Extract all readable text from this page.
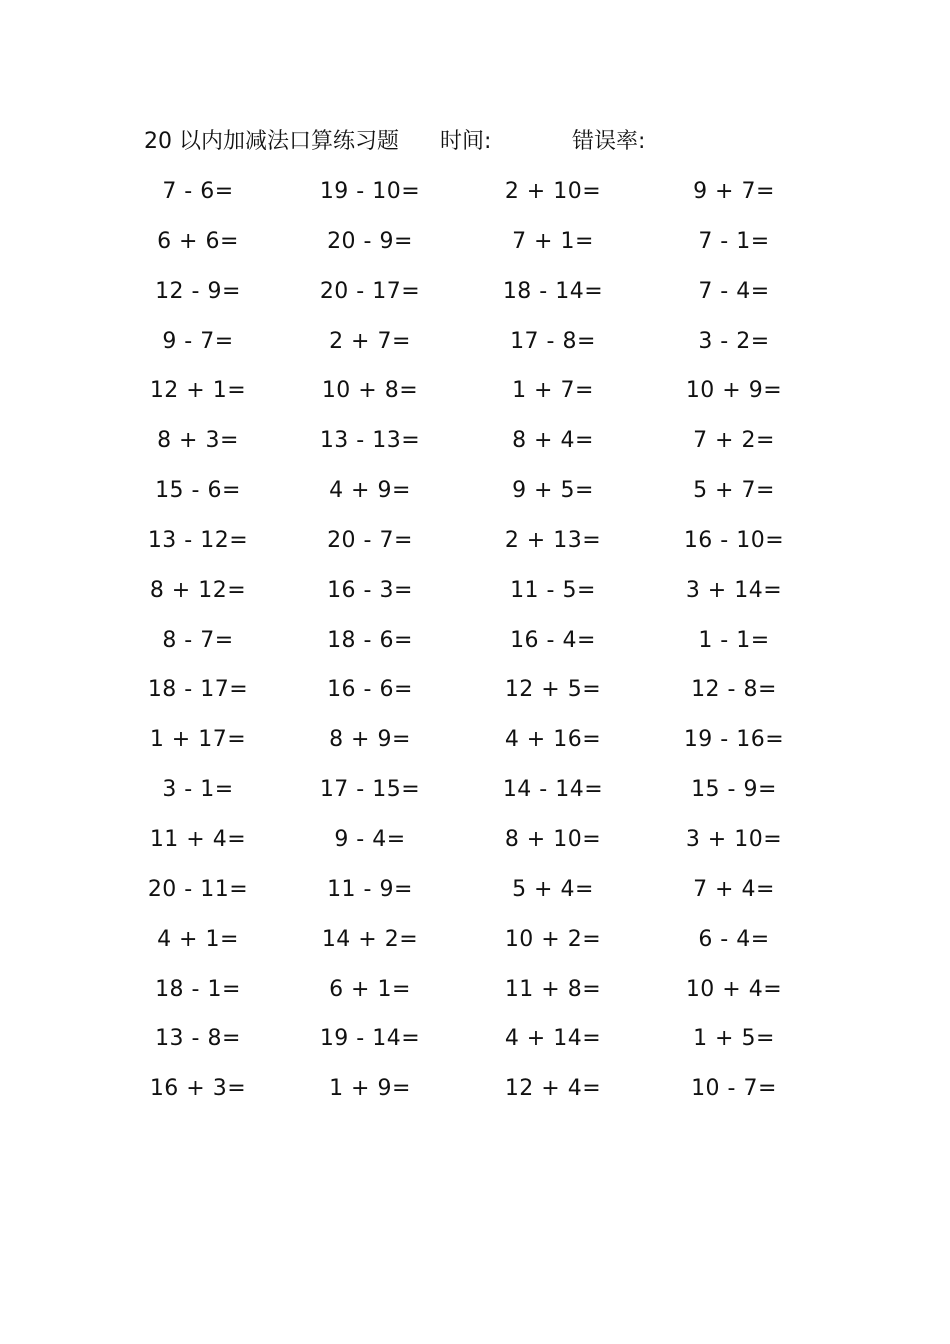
20 以内加减法口算练习题 时间:	错误率:
7 - 6=	19 - 10=	2 + 10=	9 + 7=
6 + 6=	20 - 9=	7 + 1=	7 - 1=
12 - 9=	20 - 17=	18 - 14=	7 - 4=
9 - 7=	2 + 7=	17 - 8=	3 - 2=
12 + 1=	10 + 8=	1 + 7=	10 + 9=
8 + 3=	13 - 13=	8 + 4=	7 + 2=
15 - 6=	4 + 9=	9 + 5=	5 + 7=
13 - 12=	20 - 7=	2 + 13=	16 - 10=
8 + 12=	16 - 3=	11 - 5=	3 + 14=
8 - 7=	18 - 6=	16 - 4=	1 - 1=
18 - 17=	16 - 6=	12 + 5=	12 - 8=
1 + 17=	8 + 9=	4 + 16=	19 - 16=
3 - 1=	17 - 15=	14 - 14=	15 - 9=
11 + 4=	9 - 4=	8 + 10=	3 + 10=
20 - 11=	11 - 9=	5 + 4=	7 + 4=
4 + 1=	14 + 2=	10 + 2=	6 - 4=
18 - 1=	6 + 1=	11 + 8=	10 + 4=
13 - 8=	19 - 14=	4 + 14=	1 + 5=
16 + 3=	1 + 9=	12 + 4=	10 - 7=
